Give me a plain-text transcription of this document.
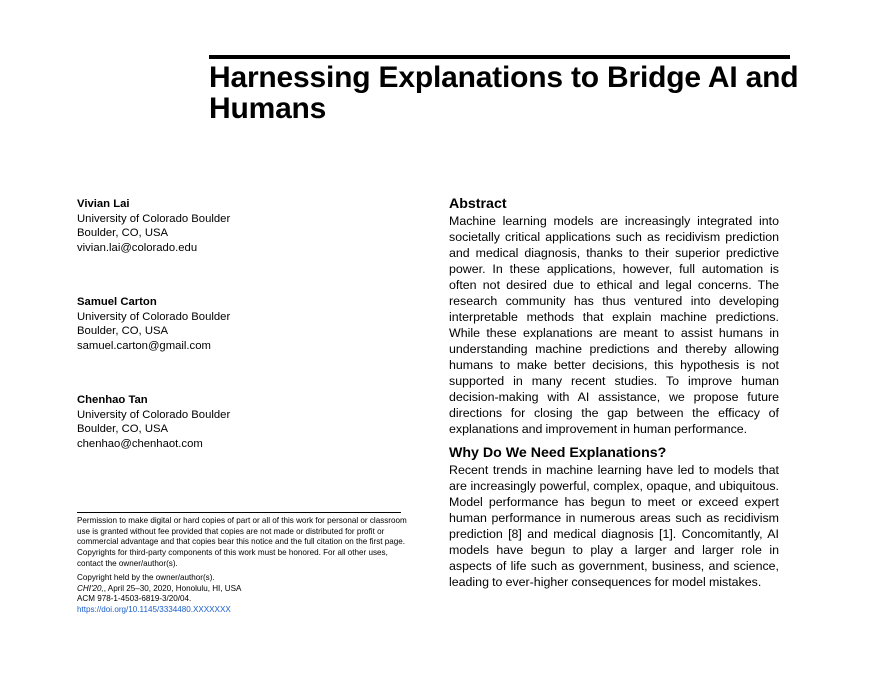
Harnessing Explanations to Bridge AI and Humans
Vivian Lai
University of Colorado Boulder
Boulder, CO, USA
vivian.lai@colorado.edu
Samuel Carton
University of Colorado Boulder
Boulder, CO, USA
samuel.carton@gmail.com
Chenhao Tan
University of Colorado Boulder
Boulder, CO, USA
chenhao@chenhaot.com

Permission to make digital or hard copies of part or all of this work for personal or classroom use is granted without fee provided that copies are not made or distributed for profit or commercial advantage and that copies bear this notice and the full citation on the first page. Copyrights for third-party components of this work must be honored. For all other uses, contact the owner/author(s).

Copyright held by the owner/author(s).
CHI'20,, April 25–30, 2020, Honolulu, HI, USA
ACM 978-1-4503-6819-3/20/04.
https://doi.org/10.1145/3334480.XXXXXXX
Abstract

Machine learning models are increasingly integrated into societally critical applications such as recidivism prediction and medical diagnosis, thanks to their superior predictive power. In these applications, however, full automation is often not desired due to ethical and legal concerns. The research community has thus ventured into developing interpretable methods that explain machine predictions. While these explanations are meant to assist humans in understanding machine predictions and thereby allowing humans to make better decisions, this hypothesis is not supported in many recent studies. To improve human decision-making with AI assistance, we propose future directions for closing the gap between the efficacy of explanations and improvement in human performance.

Why Do We Need Explanations?

Recent trends in machine learning have led to models that are increasingly powerful, complex, opaque, and ubiquitous. Model performance has begun to meet or exceed expert human performance in numerous areas such as recidivism prediction [8] and medical diagnosis [1]. Concomitantly, AI models have begun to play a larger and larger role in aspects of life such as government, business, and science, leading to ever-higher consequences for model mistakes.
